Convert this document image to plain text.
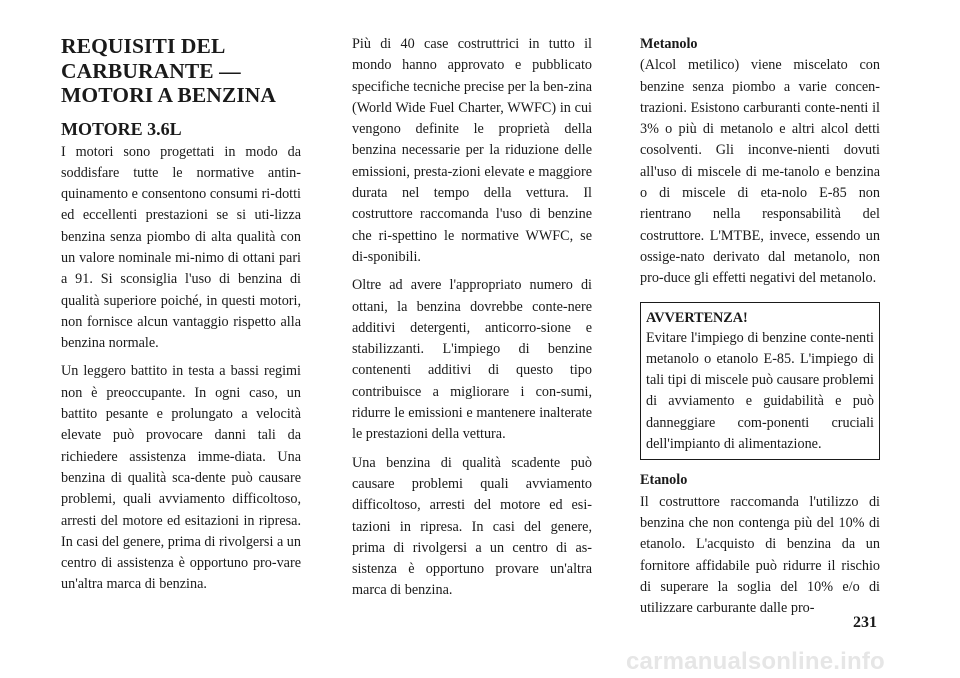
REQUISITI DEL CARBURANTE — MOTORI A BENZINA
MOTORE 3.6L

I motori sono progettati in modo da soddisfare tutte le normative antin-quinamento e consentono consumi ri-dotti ed eccellenti prestazioni se si uti-lizza benzina senza piombo di alta qualità con un valore nominale mi-nimo di ottani pari a 91. Si sconsiglia l'uso di benzina di qualità superiore poiché, in questi motori, non fornisce alcun vantaggio rispetto alla benzina normale.

Un leggero battito in testa a bassi regimi non è preoccupante. In ogni caso, un battito pesante e prolungato a velocità elevate può provocare danni tali da richiedere assistenza imme-diata. Una benzina di qualità sca-dente può causare problemi, quali avviamento difficoltoso, arresti del motore ed esitazioni in ripresa. In casi del genere, prima di rivolgersi a un centro di assistenza è opportuno pro-vare un'altra marca di benzina.

Più di 40 case costruttrici in tutto il mondo hanno approvato e pubblicato specifiche tecniche precise per la ben-zina (World Wide Fuel Charter, WWFC) in cui vengono definite le proprietà della benzina necessarie per la riduzione delle emissioni, presta-zioni elevate e maggiore durata nel tempo della vettura. Il costruttore raccomanda l'uso di benzine che ri-spettino le normative WWFC, se di-sponibili.

Oltre ad avere l'appropriato numero di ottani, la benzina dovrebbe conte-nere additivi detergenti, anticorro-sione e stabilizzanti. L'impiego di benzine contenenti additivi di questo tipo contribuisce a migliorare i con-sumi, ridurre le emissioni e mantenere inalterate le prestazioni della vettura.

Una benzina di qualità scadente può causare problemi quali avviamento difficoltoso, arresti del motore ed esi-tazioni in ripresa. In casi del genere, prima di rivolgersi a un centro di as-sistenza è opportuno provare un'altra marca di benzina.

Metanolo

(Alcol metilico) viene miscelato con benzine senza piombo a varie concen-trazioni. Esistono carburanti conte-nenti il 3% o più di metanolo e altri alcol detti cosolventi. Gli inconve-nienti dovuti all'uso di miscele di me-tanolo e benzina o di miscele di eta-nolo E-85 non rientrano nella responsabilità del costruttore. L'MTBE, invece, essendo un ossige-nato derivato dal metanolo, non pro-duce gli effetti negativi del metanolo.

AVVERTENZA!

Evitare l'impiego di benzine conte-nenti metanolo o etanolo E-85. L'impiego di tali tipi di miscele può causare problemi di avviamento e guidabilità e può danneggiare com-ponenti cruciali dell'impianto di alimentazione.

Etanolo

Il costruttore raccomanda l'utilizzo di benzina che non contenga più del 10% di etanolo. L'acquisto di benzina da un fornitore affidabile può ridurre il rischio di superare la soglia del 10% e/o di utilizzare carburante dalle pro-

231
carmanualsonline.info
